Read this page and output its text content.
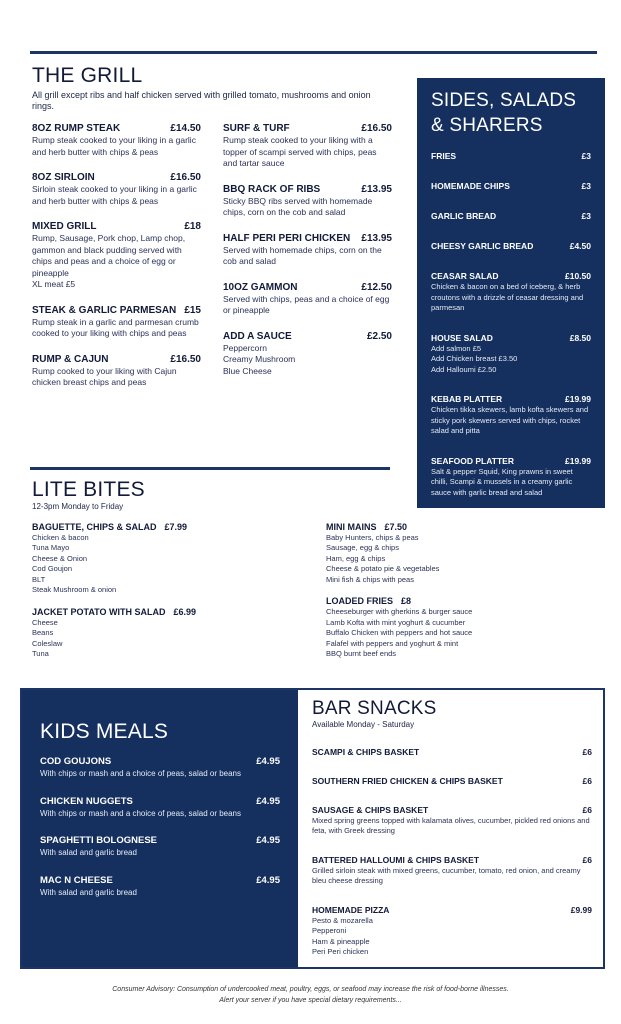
THE GRILL
All grill except ribs and half chicken served with grilled tomato, mushrooms and onion rings.
8OZ RUMP STEAK	£14.50
Rump steak cooked to your liking in a garlic and herb butter with chips & peas
8OZ SIRLOIN	£16.50
Sirloin steak cooked to your liking in a garlic and herb butter with chips & peas
MIXED GRILL	£18
Rump, Sausage, Pork chop, Lamp chop, gammon and black pudding served with chips and peas and a choice of egg or pineapple
XL meat £5
STEAK & GARLIC PARMESAN £15
Rump steak in a garlic and parmesan crumb cooked to your liking with chips and peas
RUMP & CAJUN	£16.50
Rump cooked to your liking with Cajun chicken breast chips and peas
SURF & TURF	£16.50
Rump steak cooked to your liking with a topper of scampi served with chips, peas and tartar sauce
BBQ RACK OF RIBS	£13.95
Sticky BBQ ribs served with homemade chips, corn on the cob and salad
HALF PERI PERI CHICKEN £13.95
Served with homemade chips, corn on the cob and salad
10OZ GAMMON	£12.50
Served with chips, peas and a choice of egg or pineapple
ADD A SAUCE	£2.50
Peppercorn
Creamy Mushroom
Blue Cheese
SIDES, SALADS & SHARERS
FRIES	£3
HOMEMADE CHIPS	£3
GARLIC BREAD	£3
CHEESY GARLIC BREAD	£4.50
CEASAR SALAD	£10.50
Chicken & bacon on a bed of iceberg, & herb croutons with a drizzle of ceasar dressing and parmesan
HOUSE SALAD	£8.50
Add salmon £5
Add Chicken breast £3.50
Add Halloumi £2.50
KEBAB PLATTER	£19.99
Chicken tikka skewers, lamb kofta skewers and sticky pork skewers served with chips, rocket salad and pitta
SEAFOOD PLATTER	£19.99
Salt & pepper Squid, King prawns in sweet chilli, Scampi & mussels in a creamy garlic sauce with garlic bread and salad
LITE BITES
12-3pm Monday to Friday
BAGUETTE, CHIPS & SALAD £7.99
Chicken & bacon
Tuna Mayo
Cheese & Onion
Cod Goujon
BLT
Steak Mushroom & onion
JACKET POTATO WITH SALAD £6.99
Cheese
Beans
Coleslaw
Tuna
MINI MAINS £7.50
Baby Hunters, chips & peas
Sausage, egg & chips
Ham, egg & chips
Cheese & potato pie & vegetables
Mini fish & chips with peas
LOADED FRIES £8
Cheeseburger with gherkins & burger sauce
Lamb Kofta with mint yoghurt & cucumber
Buffalo Chicken with peppers and hot sauce
Falafel with peppers and yoghurt & mint
BBQ burnt beef ends
KIDS MEALS
COD GOUJONS	£4.95
With chips or mash and a choice of peas, salad or beans
CHICKEN NUGGETS	£4.95
With chips or mash and a choice of peas, salad or beans
SPAGHETTI BOLOGNESE	£4.95
With salad and garlic bread
MAC N CHEESE	£4.95
With salad and garlic bread
BAR SNACKS
Available Monday - Saturday
SCAMPI & CHIPS BASKET	£6
SOUTHERN FRIED CHICKEN & CHIPS BASKET	£6
SAUSAGE & CHIPS BASKET	£6
Mixed spring greens topped with kalamata olives, cucumber, pickled red onions and feta, with Greek dressing
BATTERED HALLOUMI & CHIPS BASKET	£6
Grilled sirloin steak with mixed greens, cucumber, tomato, red onion, and creamy bleu cheese dressing
HOMEMADE PIZZA	£9.99
Pesto & mozarella
Pepperoni
Ham & pineapple
Peri Peri chicken
Consumer Advisory: Consumption of undercooked meat, poultry, eggs, or seafood may increase the risk of food-borne illnesses.
Alert your server if you have special dietary requirements...
